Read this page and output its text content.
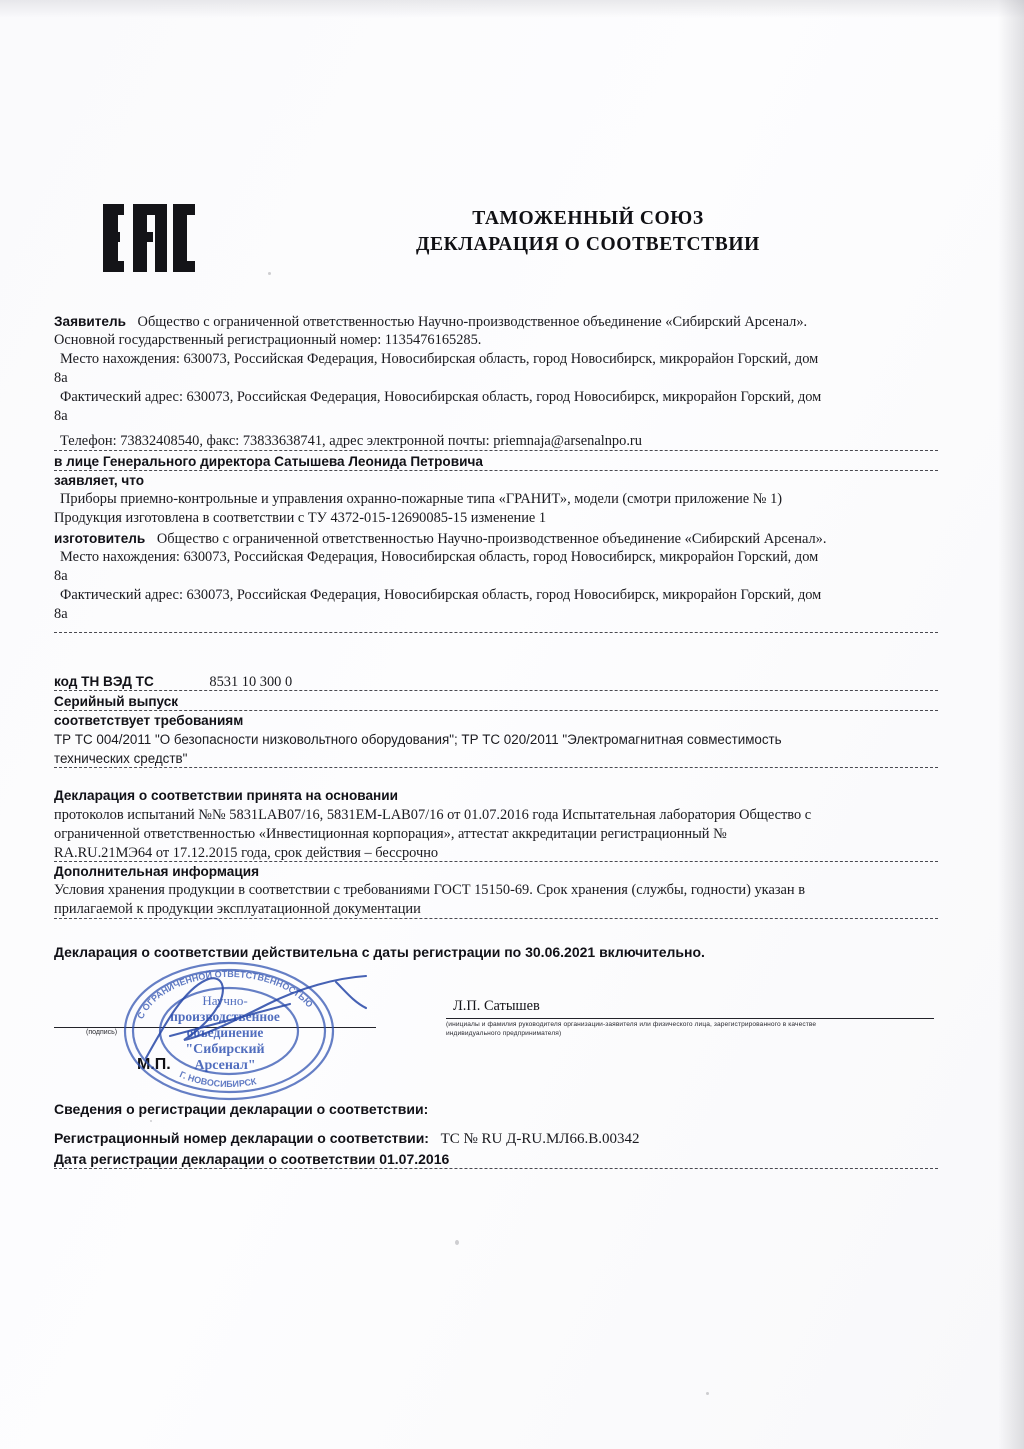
ТАМОЖЕННЫЙ СОЮЗ
ДЕКЛАРАЦИЯ О СООТВЕТСТВИИ
Заявитель Общество с ограниченной ответственностью Научно-производственное объединение «Сибирский Арсенал».
Основной государственный регистрационный номер: 1135476165285.
Место нахождения: 630073, Российская Федерация, Новосибирская область, город Новосибирск, микрорайон Горский, дом
8а
Фактический адрес: 630073, Российская Федерация, Новосибирская область, город Новосибирск, микрорайон Горский, дом
8а
Телефон: 73832408540, факс: 73833638741, адрес электронной почты: priemnaja@arsenalnpo.ru
в лице Генерального директора Сатышева Леонида Петровича
заявляет, что
Приборы приемно-контрольные и управления охранно-пожарные типа «ГРАНИТ», модели (смотри приложение № 1)
Продукция изготовлена в соответствии с ТУ 4372-015-12690085-15 изменение 1
изготовитель Общество с ограниченной ответственностью Научно-производственное объединение «Сибирский Арсенал».
Место нахождения: 630073, Российская Федерация, Новосибирская область, город Новосибирск, микрорайон Горский, дом
8а
Фактический адрес: 630073, Российская Федерация, Новосибирская область, город Новосибирск, микрорайон Горский, дом
8а
код ТН ВЭД ТС	8531 10 300 0
Серийный выпуск
соответствует требованиям
ТР ТС 004/2011 "О безопасности низковольтного оборудования"; ТР ТС 020/2011 "Электромагнитная совместимость
технических средств"
Декларация о соответствии принята на основании
протоколов испытаний №№ 5831LAB07/16, 5831EM-LAB07/16 от 01.07.2016 года Испытательная лаборатория Общество с
ограниченной ответственностью «Инвестиционная корпорация», аттестат аккредитации регистрационный №
RA.RU.21МЭ64 от 17.12.2015 года, срок действия – бессрочно
Дополнительная информация
Условия хранения продукции в соответствии с требованиями ГОСТ 15150-69. Срок хранения (службы, годности) указан в
прилагаемой к продукции эксплуатационной документации
Декларация о соответствии действительна с даты регистрации по 30.06.2021 включительно.
(подпись)
М.П.
Л.П. Сатышев
(инициалы и фамилия руководителя организации-заявителя или физического лица, зарегистрированного в качестве
индивидуального предпринимателя)
Сведения о регистрации декларации о соответствии:
Регистрационный номер декларации о соответствии: ТС № RU Д-RU.МЛ66.В.00342
Дата регистрации декларации о соответствии 01.07.2016
С ОГРАНИЧЕННОЙ ОТВЕТСТВЕННОСТЬЮ
Г. НОВОСИБИРСК
Научно-
производственное
объединение
"Сибирский
Арсенал"
